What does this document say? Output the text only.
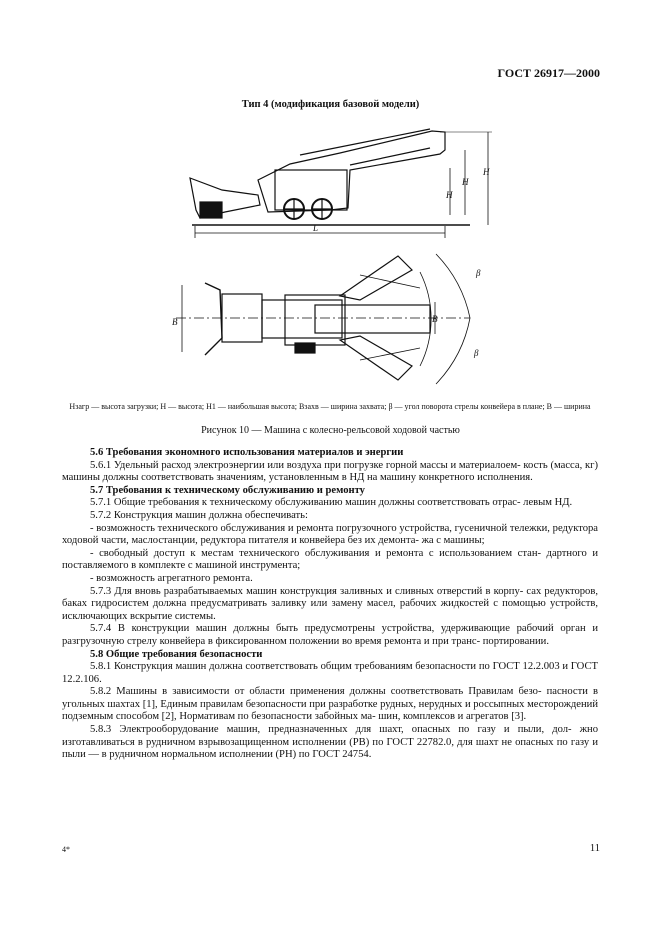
ГОСТ 26917—2000
Тип 4 (модификация базовой модели)
L
H
H
H
B	B
β
β
Hзагр — высота загрузки; H — высота; H1 — наибольшая высота; Bзахв — ширина захвата; β — угол поворота стрелы конвейера в плане; B — ширина
Рисунок 10 — Машина с колесно-рельсовой ходовой частью

5.6 Требования экономного использования материалов и энергии

5.6.1 Удельный расход электроэнергии или воздуха при погрузке горной массы и материалоем- кость (масса, кг) машины должны соответствовать значениям, установленным в НД на машину конкретного исполнения.

5.7 Требования к техническому обслуживанию и ремонту

5.7.1 Общие требования к техническому обслуживанию машин должны соответствовать отрас- левым НД.

5.7.2 Конструкция машин должна обеспечивать:

- возможность технического обслуживания и ремонта погрузочного устройства, гусеничной тележки, редуктора ходовой части, маслостанции, редуктора питателя и конвейера без их демонта- жа с машины;

- свободный доступ к местам технического обслуживания и ремонта с использованием стан- дартного и поставляемого в комплекте с машиной инструмента;

- возможность агрегатного ремонта.

5.7.3 Для вновь разрабатываемых машин конструкция заливных и сливных отверстий в корпу- сах редукторов, баках гидросистем должна предусматривать заливку или замену масел, рабочих жидкостей с помощью устройств, исключающих вскрытие системы.

5.7.4 В конструкции машин должны быть предусмотрены устройства, удерживающие рабочий орган и разгрузочную стрелу конвейера в фиксированном положении во время ремонта и при транс- портировании.

5.8 Общие требования безопасности

5.8.1 Конструкция машин должна соответствовать общим требованиям безопасности по ГОСТ 12.2.003 и ГОСТ 12.2.106.

5.8.2 Машины в зависимости от области применения должны соответствовать Правилам безо- пасности в угольных шахтах [1], Единым правилам безопасности при разработке рудных, нерудных и россыпных месторождений подземным способом [2], Нормативам по безопасности забойных ма- шин, комплексов и агрегатов [3].

5.8.3 Электрооборудование машин, предназначенных для шахт, опасных по газу и пыли, дол- жно изготавливаться в рудничном взрывозащищенном исполнении (РВ) по ГОСТ 22782.0, для шахт не опасных по газу и пыли — в рудничном нормальном исполнении (РН) по ГОСТ 24754.

4*	11
